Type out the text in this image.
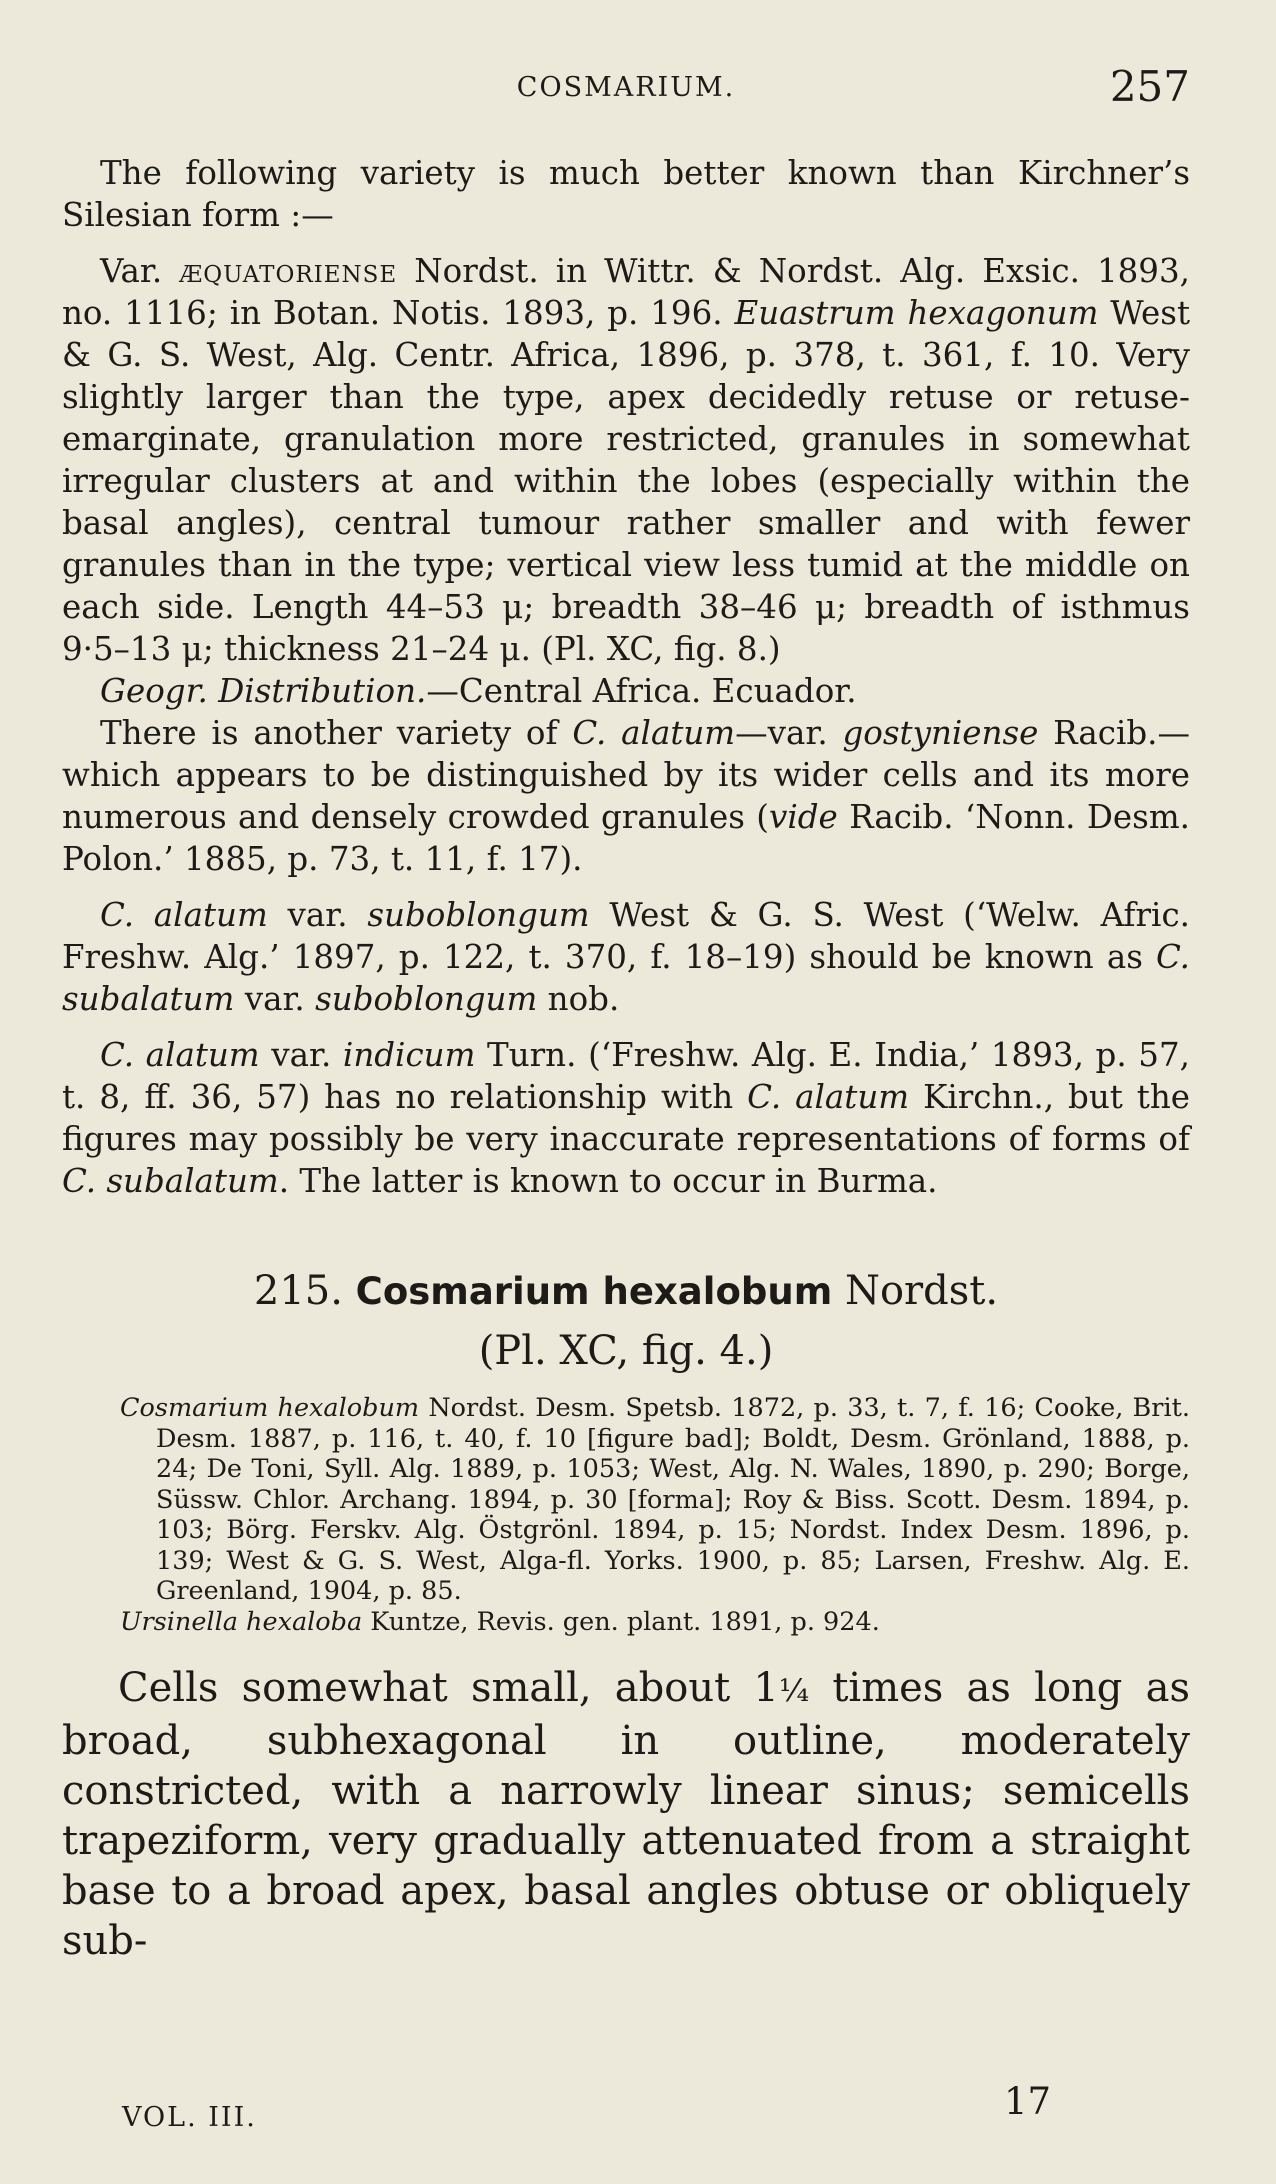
COSMARIUM.	257

The following variety is much better known than Kirchner’s Silesian form :—

Var. æquatoriense Nordst. in Wittr. & Nordst. Alg. Exsic. 1893, no. 1116; in Botan. Notis. 1893, p. 196. Euastrum hexagonum West & G. S. West, Alg. Centr. Africa, 1896, p. 378, t. 361, f. 10. Very slightly larger than the type, apex decidedly retuse or retuse-emarginate, granulation more restricted, granules in somewhat irregular clusters at and within the lobes (especially within the basal angles), central tumour rather smaller and with fewer granules than in the type; vertical view less tumid at the middle on each side. Length 44–53 μ; breadth 38–46 μ; breadth of isthmus 9·5–13 μ; thickness 21–24 μ. (Pl. XC, fig. 8.)

Geogr. Distribution.—Central Africa. Ecuador.

There is another variety of C. alatum—var. gostyniense Racib.—which appears to be distinguished by its wider cells and its more numerous and densely crowded granules (vide Racib. ‘Nonn. Desm. Polon.’ 1885, p. 73, t. 11, f. 17).

C. alatum var. suboblongum West & G. S. West (‘Welw. Afric. Freshw. Alg.’ 1897, p. 122, t. 370, f. 18–19) should be known as C. subalatum var. suboblongum nob.

C. alatum var. indicum Turn. (‘Freshw. Alg. E. India,’ 1893, p. 57, t. 8, ff. 36, 57) has no relationship with C. alatum Kirchn., but the figures may possibly be very inaccurate representations of forms of C. subalatum. The latter is known to occur in Burma.

215. Cosmarium hexalobum Nordst.
(Pl. XC, fig. 4.)

Cosmarium hexalobum Nordst. Desm. Spetsb. 1872, p. 33, t. 7, f. 16; Cooke, Brit. Desm. 1887, p. 116, t. 40, f. 10 [figure bad]; Boldt, Desm. Grönland, 1888, p. 24; De Toni, Syll. Alg. 1889, p. 1053; West, Alg. N. Wales, 1890, p. 290; Borge, Süssw. Chlor. Archang. 1894, p. 30 [forma]; Roy & Biss. Scott. Desm. 1894, p. 103; Börg. Ferskv. Alg. Östgrönl. 1894, p. 15; Nordst. Index Desm. 1896, p. 139; West & G. S. West, Alga-fl. Yorks. 1900, p. 85; Larsen, Freshw. Alg. E. Greenland, 1904, p. 85.

Ursinella hexaloba Kuntze, Revis. gen. plant. 1891, p. 924.

Cells somewhat small, about 1¼ times as long as broad, subhexagonal in outline, moderately constricted, with a narrowly linear sinus; semicells trapeziform, very gradually attenuated from a straight base to a broad apex, basal angles obtuse or obliquely sub-

VOL. III.	17
